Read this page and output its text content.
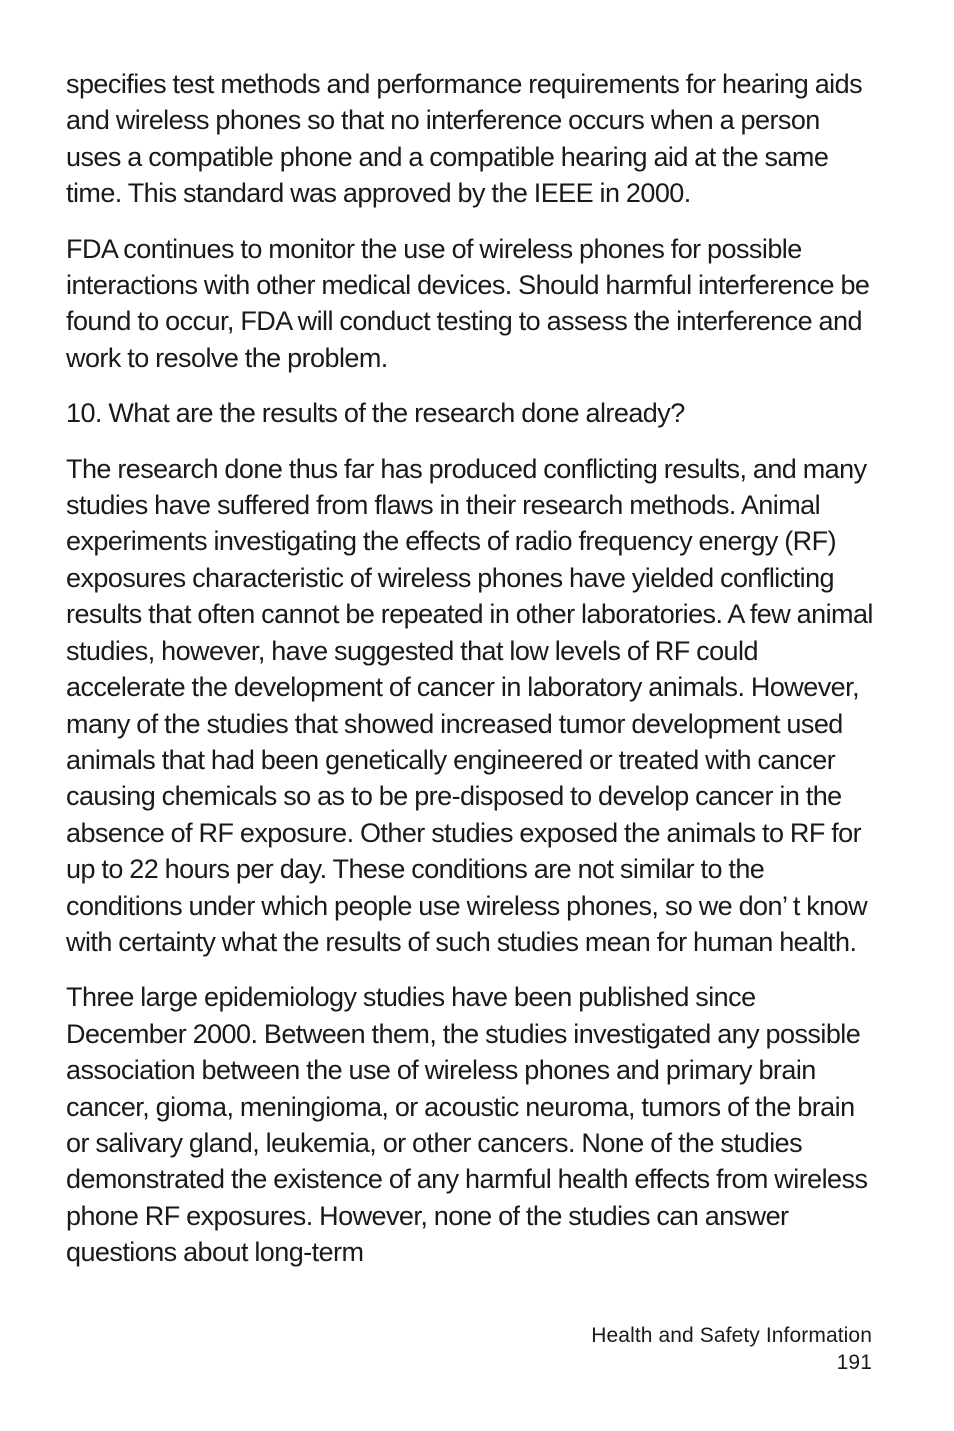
specifies test methods and performance requirements for hearing aids and wireless phones so that no interference occurs when a person uses a compatible phone and a compatible hearing aid at the same time. This standard was approved by the IEEE in 2000.

FDA continues to monitor the use of wireless phones for possible interactions with other medical devices. Should harmful interference be found to occur, FDA will conduct testing to assess the interference and work to resolve the problem.

10. What are the results of the research done already?

The research done thus far has produced conflicting results, and many studies have suffered from flaws in their research methods. Animal experiments investigating the effects of radio frequency energy (RF) exposures characteristic of wireless phones have yielded conflicting results that often cannot be repeated in other laboratories. A few animal studies, however, have suggested that low levels of RF could accelerate the development of cancer in laboratory animals. However, many of the studies that showed increased tumor development used animals that had been genetically engineered or treated with cancer causing chemicals so as to be pre-disposed to develop cancer in the absence of RF exposure. Other studies exposed the animals to RF for up to 22 hours per day. These conditions are not similar to the conditions under which people use wireless phones, so we don’ t know with certainty what the results of such studies mean for human health.

Three large epidemiology studies have been published since December 2000. Between them, the studies investigated any possible association between the use of wireless phones and primary brain cancer, gioma, meningioma, or acoustic neuroma, tumors of the brain or salivary gland, leukemia, or other cancers. None of the studies demonstrated the existence of any harmful health effects from wireless phone RF exposures. However, none of the studies can answer questions about long-term

Health and Safety Information
191
